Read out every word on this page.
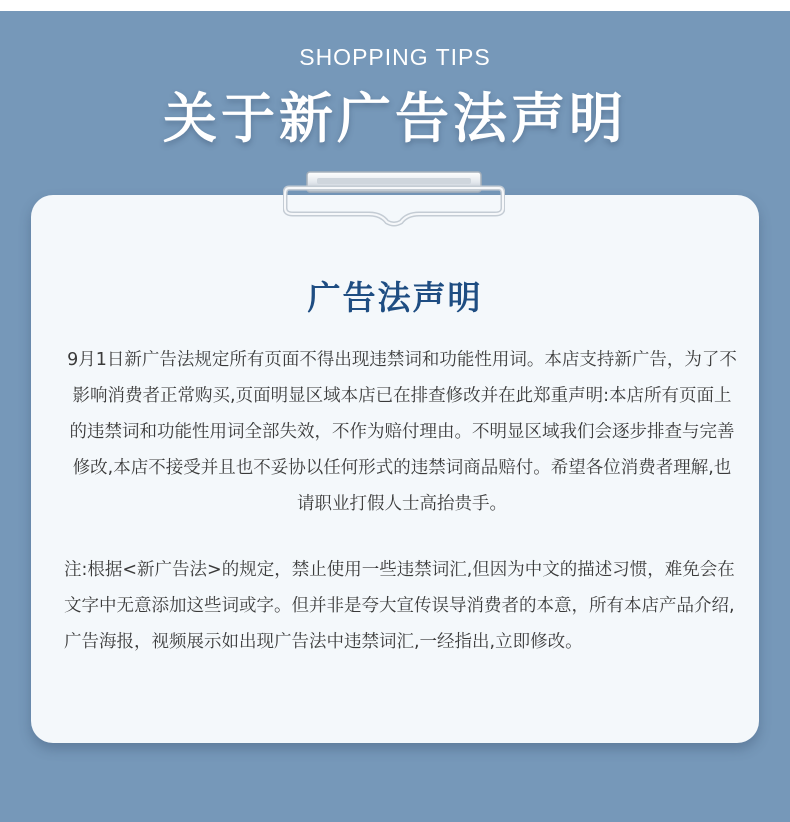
SHOPPING TIPS
关于新广告法声明
广告法声明
9月1日新广告法规定所有页面不得出现违禁词和功能性用词。本店支持新广告，为了不影响消费者正常购买,页面明显区域本店已在排查修改并在此郑重声明:本店所有页面上的违禁词和功能性用词全部失效，不作为赔付理由。不明显区域我们会逐步排查与完善修改,本店不接受并且也不妥协以任何形式的违禁词商品赔付。希望各位消费者理解,也请职业打假人士高抬贵手。
注:根据<新广告法>的规定，禁止使用一些违禁词汇,但因为中文的描述习惯，难免会在文字中无意添加这些词或字。但并非是夸大宣传误导消费者的本意，所有本店产品介绍,广告海报，视频展示如出现广告法中违禁词汇,一经指出,立即修改。
